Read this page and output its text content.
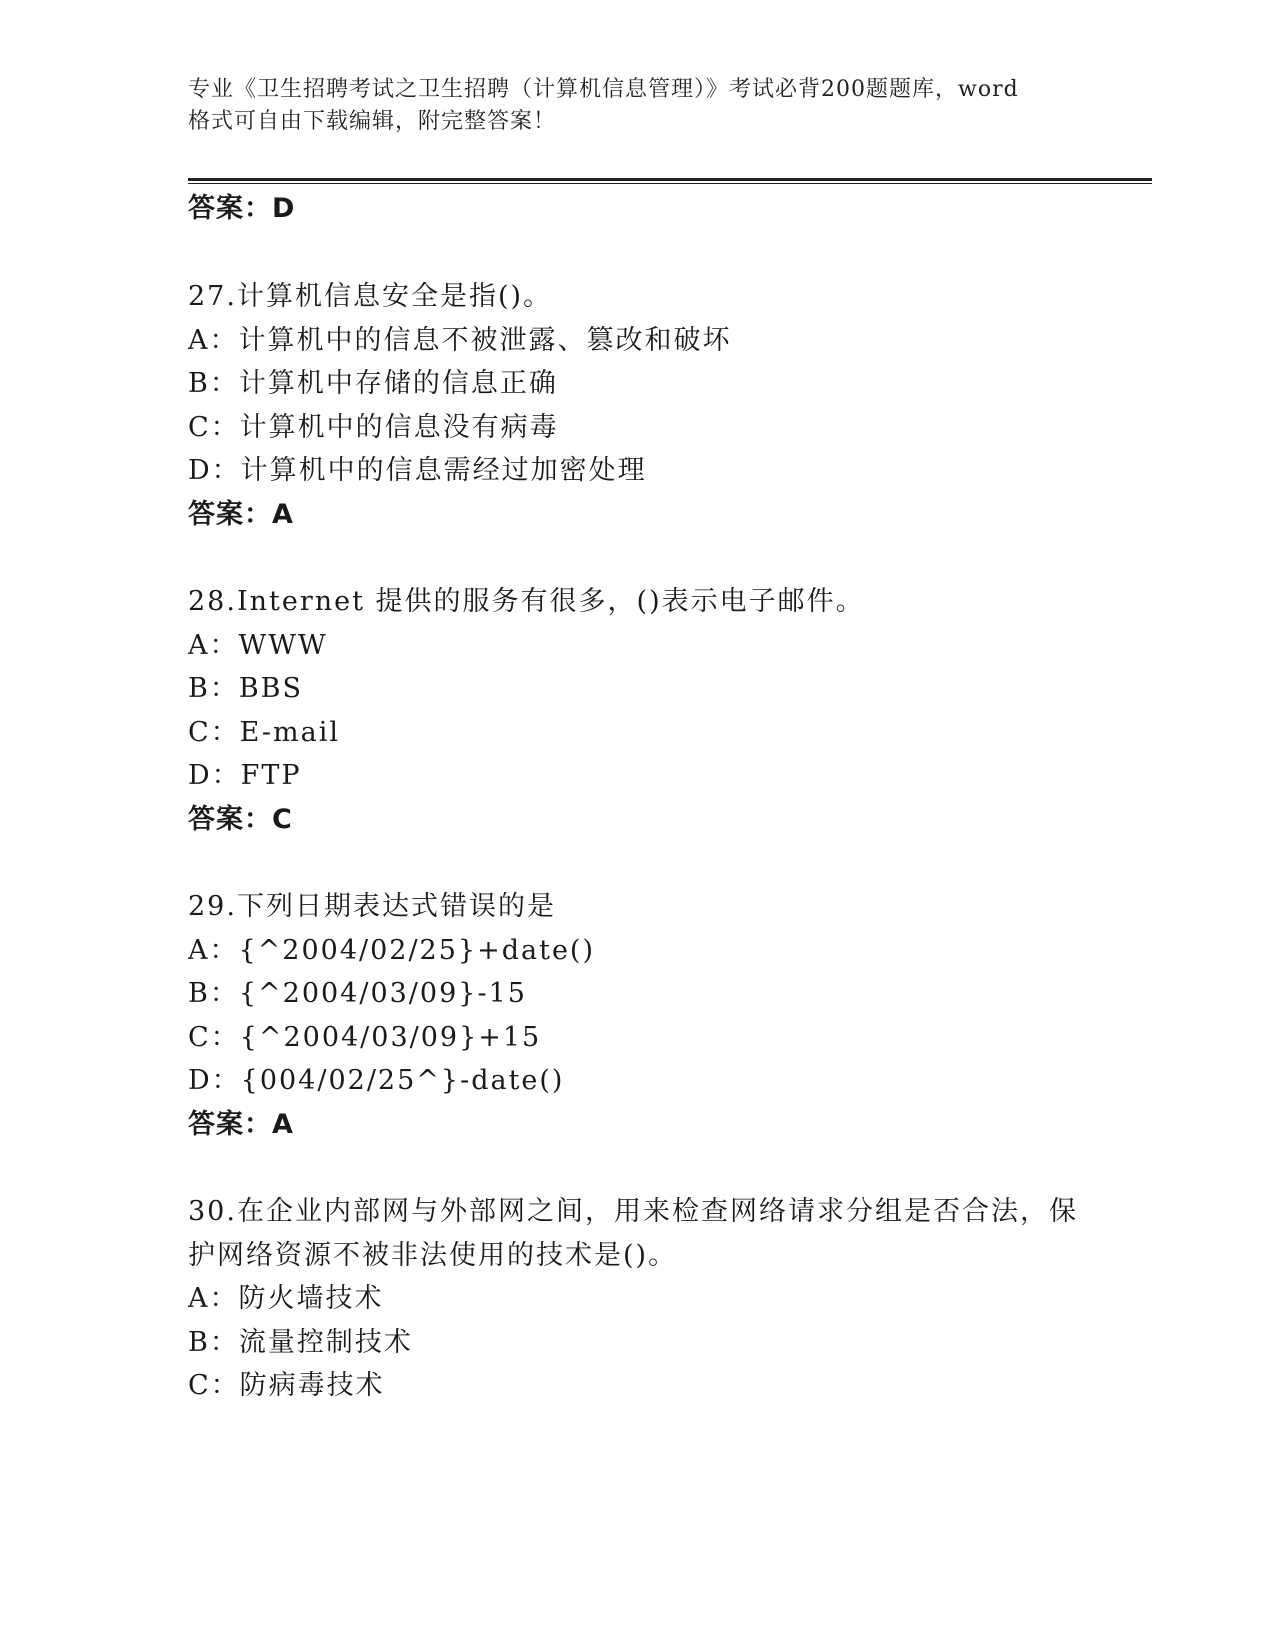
专业《卫生招聘考试之卫生招聘（计算机信息管理）》考试必背200题题库，word
格式可自由下载编辑，附完整答案！
答案：D
27.计算机信息安全是指()。
A：计算机中的信息不被泄露、篡改和破坏
B：计算机中存储的信息正确
C：计算机中的信息没有病毒
D：计算机中的信息需经过加密处理
答案：A
28.Internet 提供的服务有很多，()表示电子邮件。
A：WWW
B：BBS
C：E-mail
D：FTP
答案：C
29.下列日期表达式错误的是
A：{^2004/02/25}+date()
B：{^2004/03/09}-15
C：{^2004/03/09}+15
D：{004/02/25^}-date()
答案：A
30.在企业内部网与外部网之间，用来检查网络请求分组是否合法，保
护网络资源不被非法使用的技术是()。
A：防火墙技术
B：流量控制技术
C：防病毒技术
